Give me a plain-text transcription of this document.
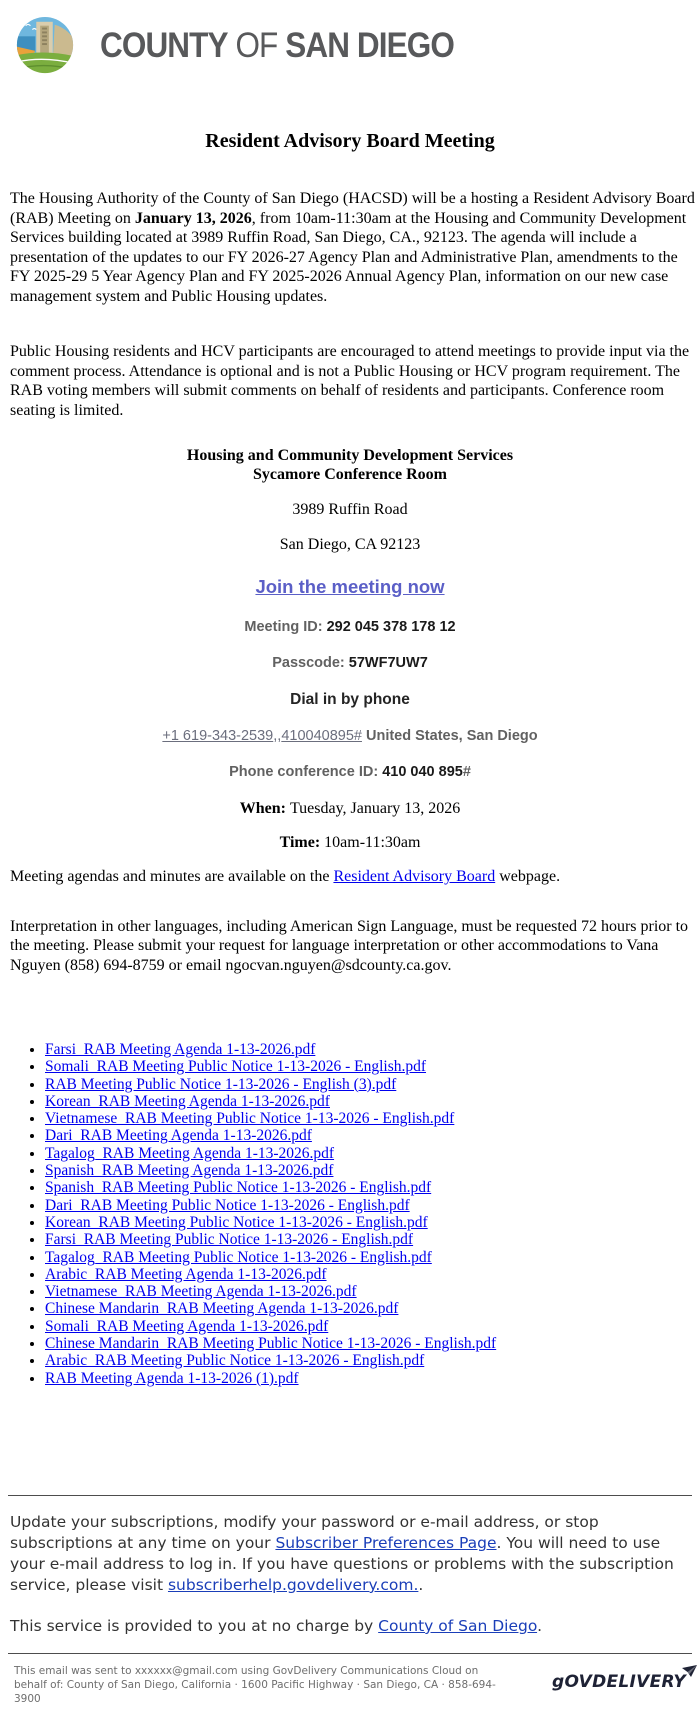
COUNTY OF SAN DIEGO
Resident Advisory Board Meeting

The Housing Authority of the County of San Diego (HACSD) will be a hosting a Resident Advisory Board (RAB) Meeting on January 13, 2026, from 10am-11:30am at the Housing and Community Development Services building located at 3989 Ruffin Road, San Diego, CA., 92123. The agenda will include a presentation of the updates to our FY 2026-27 Agency Plan and Administrative Plan, amendments to the FY 2025-29 5 Year Agency Plan and FY 2025-2026 Annual Agency Plan, information on our new case management system and Public Housing updates.

Public Housing residents and HCV participants are encouraged to attend meetings to provide input via the comment process. Attendance is optional and is not a Public Housing or HCV program requirement. The RAB voting members will submit comments on behalf of residents and participants. Conference room seating is limited.

Housing and Community Development Services
Sycamore Conference Room

3989 Ruffin Road

San Diego, CA 92123

Join the meeting now

Meeting ID: 292 045 378 178 12

Passcode: 57WF7UW7

Dial in by phone

+1 619-343-2539,,410040895# United States, San Diego

Phone conference ID: 410 040 895#

When: Tuesday, January 13, 2026

Time: 10am-11:30am

Meeting agendas and minutes are available on the Resident Advisory Board webpage.

Interpretation in other languages, including American Sign Language, must be requested 72 hours prior to the meeting. Please submit your request for language interpretation or other accommodations to Vana Nguyen (858) 694-8759 or email ngocvan.nguyen@sdcounty.ca.gov.

• Farsi_RAB Meeting Agenda 1-13-2026.pdf
• Somali_RAB Meeting Public Notice 1-13-2026 - English.pdf
• RAB Meeting Public Notice 1-13-2026 - English (3).pdf
• Korean_RAB Meeting Agenda 1-13-2026.pdf
• Vietnamese_RAB Meeting Public Notice 1-13-2026 - English.pdf
• Dari_RAB Meeting Agenda 1-13-2026.pdf
• Tagalog_RAB Meeting Agenda 1-13-2026.pdf
• Spanish_RAB Meeting Agenda 1-13-2026.pdf
• Spanish_RAB Meeting Public Notice 1-13-2026 - English.pdf
• Dari_RAB Meeting Public Notice 1-13-2026 - English.pdf
• Korean_RAB Meeting Public Notice 1-13-2026 - English.pdf
• Farsi_RAB Meeting Public Notice 1-13-2026 - English.pdf
• Tagalog_RAB Meeting Public Notice 1-13-2026 - English.pdf
• Arabic_RAB Meeting Agenda 1-13-2026.pdf
• Vietnamese_RAB Meeting Agenda 1-13-2026.pdf
• Chinese Mandarin_RAB Meeting Agenda 1-13-2026.pdf
• Somali_RAB Meeting Agenda 1-13-2026.pdf
• Chinese Mandarin_RAB Meeting Public Notice 1-13-2026 - English.pdf
• Arabic_RAB Meeting Public Notice 1-13-2026 - English.pdf
• RAB Meeting Agenda 1-13-2026 (1).pdf

Update your subscriptions, modify your password or e-mail address, or stop subscriptions at any time on your Subscriber Preferences Page. You will need to use your e-mail address to log in. If you have questions or problems with the subscription service, please visit subscriberhelp.govdelivery.com..

This service is provided to you at no charge by County of San Diego.

This email was sent to xxxxxx@gmail.com using GovDelivery Communications Cloud on behalf of: County of San Diego, California · 1600 Pacific Highway · San Diego, CA · 858-694-3900
gOVDELIVERY
